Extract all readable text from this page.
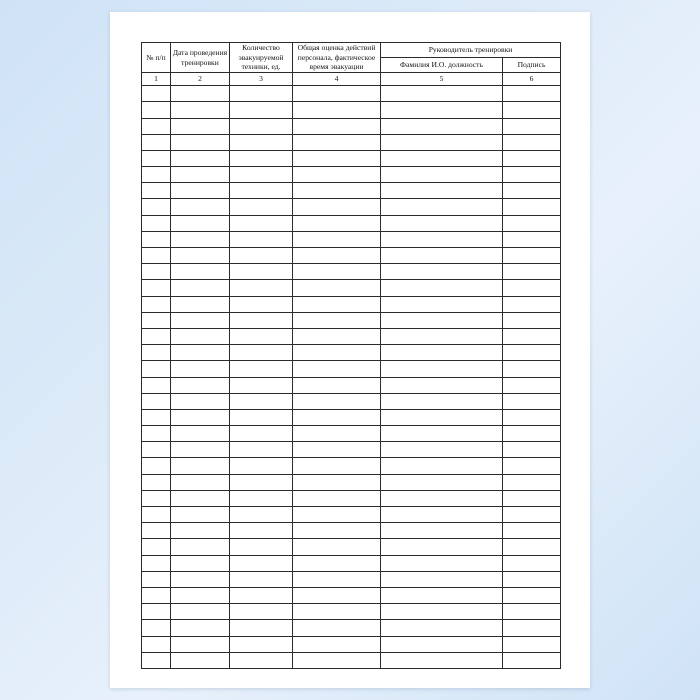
№ п/п	Дата проведения тренировки	Количество эвакуируемой техники, ед.	Общая оценка действий персонала, фактическое время эвакуации	Руководитель тренировки	
				Фамилия И.О. должность	Подпись
1	2	3	4	5	6
